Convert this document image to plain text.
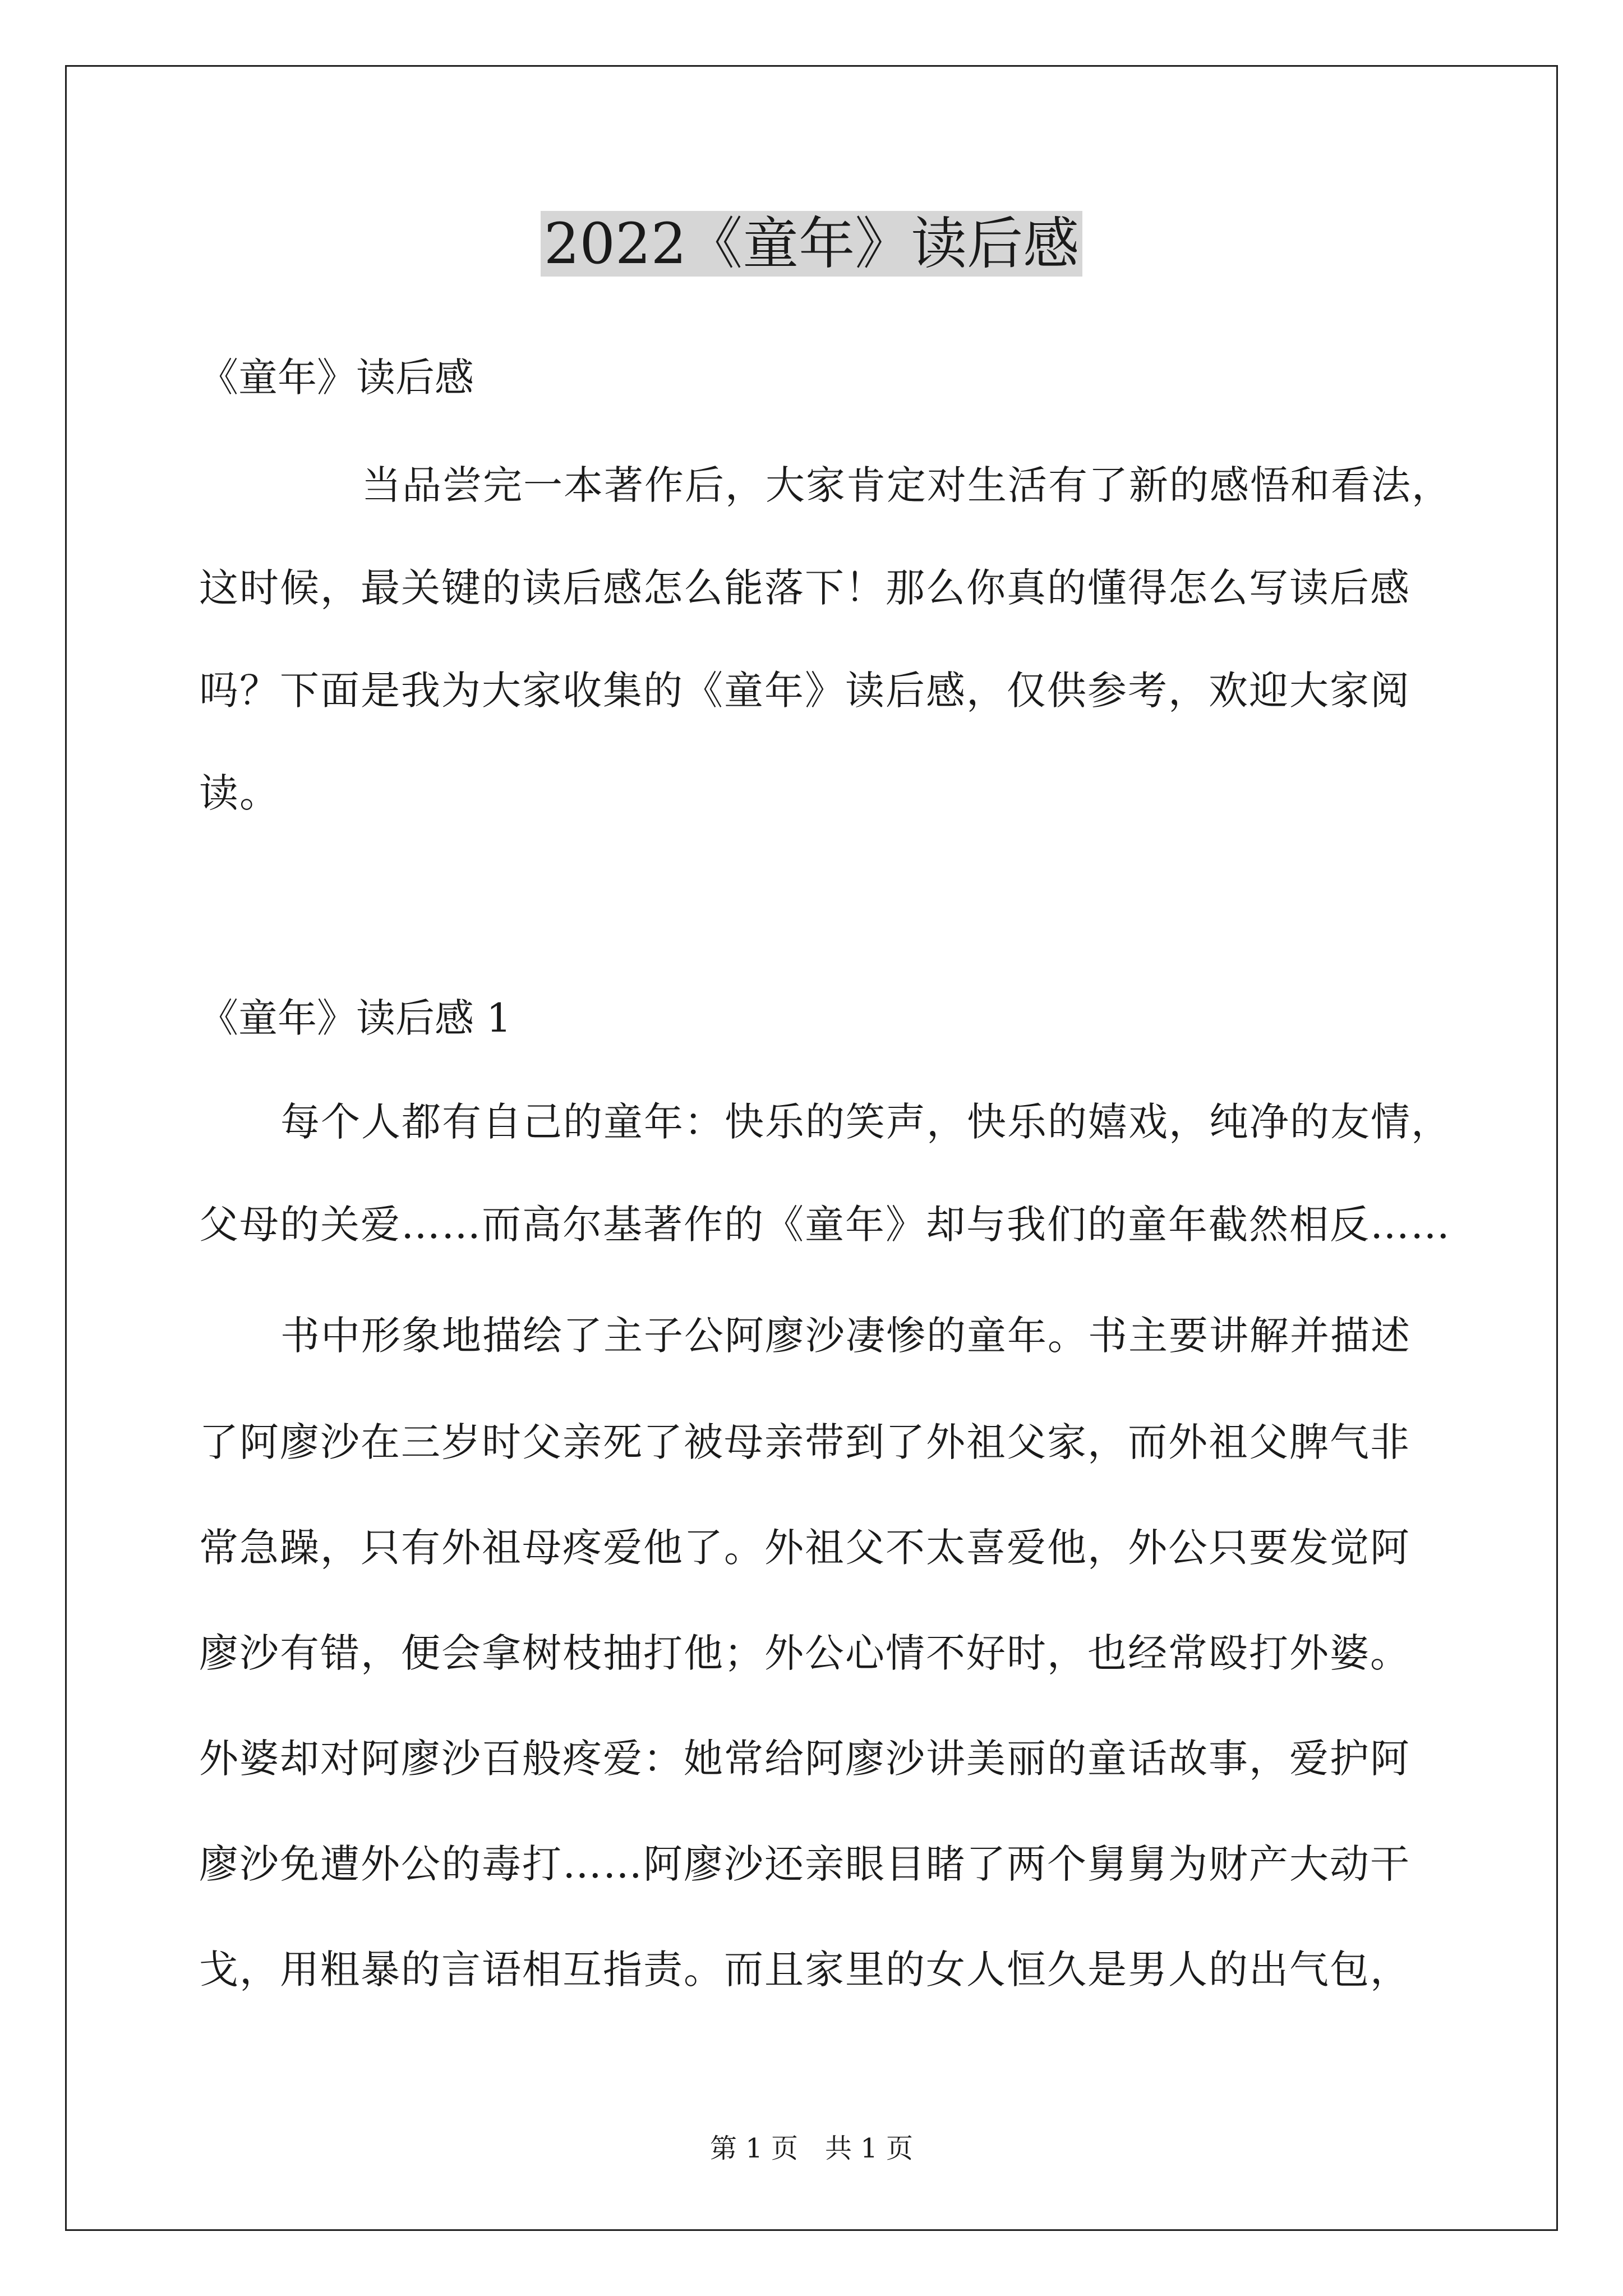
2022《童年》读后感
《童年》读后感
当品尝完一本著作后，大家肯定对生活有了新的感悟和看法，
这时候，最关键的读后感怎么能落下！那么你真的懂得怎么写读后感
吗？下面是我为大家收集的《童年》读后感，仅供参考，欢迎大家阅
读。
《童年》读后感 1
每个人都有自己的童年：快乐的笑声，快乐的嬉戏，纯净的友情，
父母的关爱……而高尔基著作的《童年》却与我们的童年截然相反……
书中形象地描绘了主子公阿廖沙凄惨的童年。书主要讲解并描述
了阿廖沙在三岁时父亲死了被母亲带到了外祖父家，而外祖父脾气非
常急躁，只有外祖母疼爱他了。外祖父不太喜爱他，外公只要发觉阿
廖沙有错，便会拿树枝抽打他；外公心情不好时，也经常殴打外婆。
外婆却对阿廖沙百般疼爱：她常给阿廖沙讲美丽的童话故事，爱护阿
廖沙免遭外公的毒打……阿廖沙还亲眼目睹了两个舅舅为财产大动干
戈，用粗暴的言语相互指责。而且家里的女人恒久是男人的出气包，
第 1 页　共 1 页
